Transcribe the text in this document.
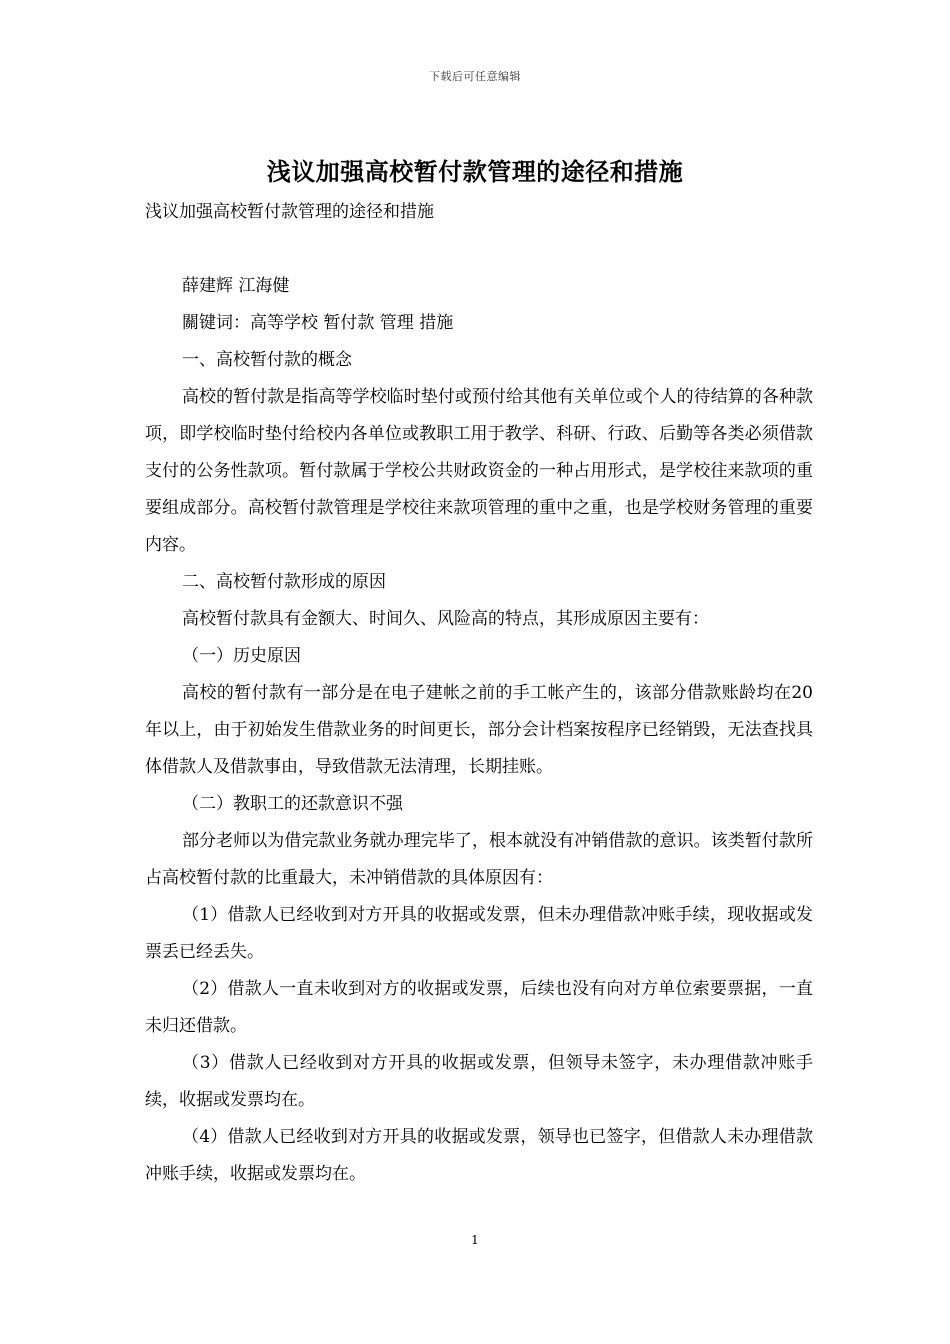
下载后可任意编辑
浅议加强高校暂付款管理的途径和措施

浅议加强高校暂付款管理的途径和措施

薛建辉 江海健

關键词：高等学校 暂付款 管理 措施

一、高校暂付款的概念

高校的暂付款是指高等学校临时垫付或预付给其他有关单位或个人的待结算的各种款项，即学校临时垫付给校内各单位或教职工用于教学、科研、行政、后勤等各类必须借款支付的公务性款项。暂付款属于学校公共财政资金的一种占用形式，是学校往来款项的重要组成部分。高校暂付款管理是学校往来款项管理的重中之重，也是学校财务管理的重要内容。

二、高校暂付款形成的原因

高校暂付款具有金额大、时间久、风险高的特点，其形成原因主要有：

（一）历史原因

高校的暂付款有一部分是在电子建帐之前的手工帐产生的，该部分借款账龄均在20年以上，由于初始发生借款业务的时间更长，部分会计档案按程序已经销毁，无法查找具体借款人及借款事由，导致借款无法清理，长期挂账。

（二）教职工的还款意识不强

部分老师以为借完款业务就办理完毕了，根本就没有冲销借款的意识。该类暂付款所占高校暂付款的比重最大，未冲销借款的具体原因有：

（1）借款人已经收到对方开具的收据或发票，但未办理借款冲账手续，现收据或发票丢已经丢失。

（2）借款人一直未收到对方的收据或发票，后续也没有向对方单位索要票据，一直未归还借款。

（3）借款人已经收到对方开具的收据或发票，但领导未签字，未办理借款冲账手续，收据或发票均在。

（4）借款人已经收到对方开具的收据或发票，领导也已签字，但借款人未办理借款冲账手续，收据或发票均在。

1
